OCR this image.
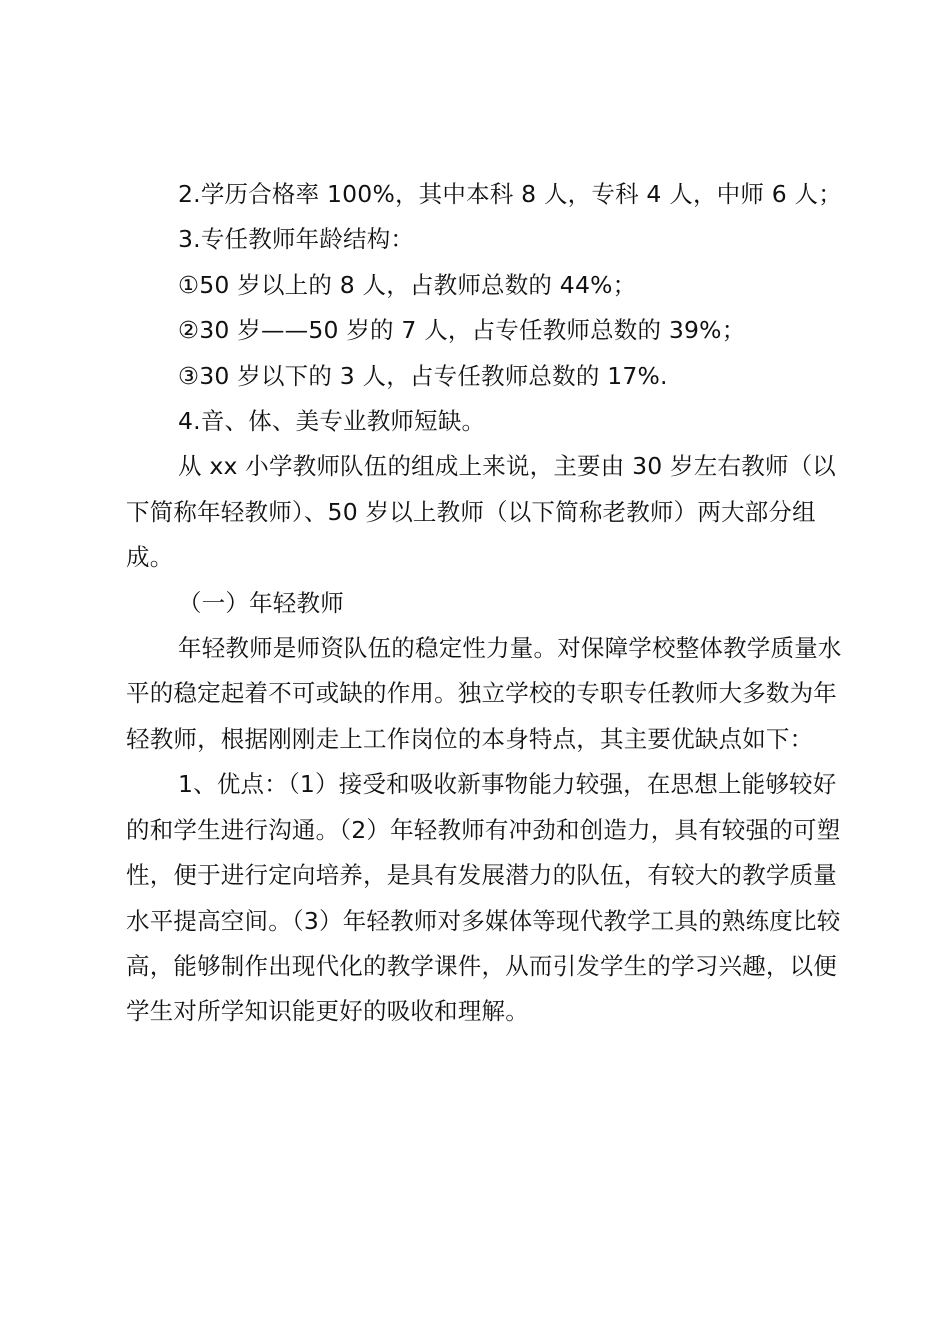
2.学历合格率 100%，其中本科 8 人，专科 4 人，中师 6 人；

3.专任教师年龄结构：

①50 岁以上的 8 人，占教师总数的 44%；

②30 岁——50 岁的 7 人，占专任教师总数的 39%；

③30 岁以下的 3 人，占专任教师总数的 17%.

4.音、体、美专业教师短缺。

从 xx 小学教师队伍的组成上来说，主要由 30 岁左右教师（以下简称年轻教师）、50 岁以上教师（以下简称老教师）两大部分组成。

（一）年轻教师

年轻教师是师资队伍的稳定性力量。对保障学校整体教学质量水平的稳定起着不可或缺的作用。独立学校的专职专任教师大多数为年轻教师，根据刚刚走上工作岗位的本身特点，其主要优缺点如下：

1、优点：（1）接受和吸收新事物能力较强，在思想上能够较好的和学生进行沟通。（2）年轻教师有冲劲和创造力，具有较强的可塑性，便于进行定向培养，是具有发展潜力的队伍，有较大的教学质量水平提高空间。（3）年轻教师对多媒体等现代教学工具的熟练度比较高，能够制作出现代化的教学课件，从而引发学生的学习兴趣，以便学生对所学知识能更好的吸收和理解。
